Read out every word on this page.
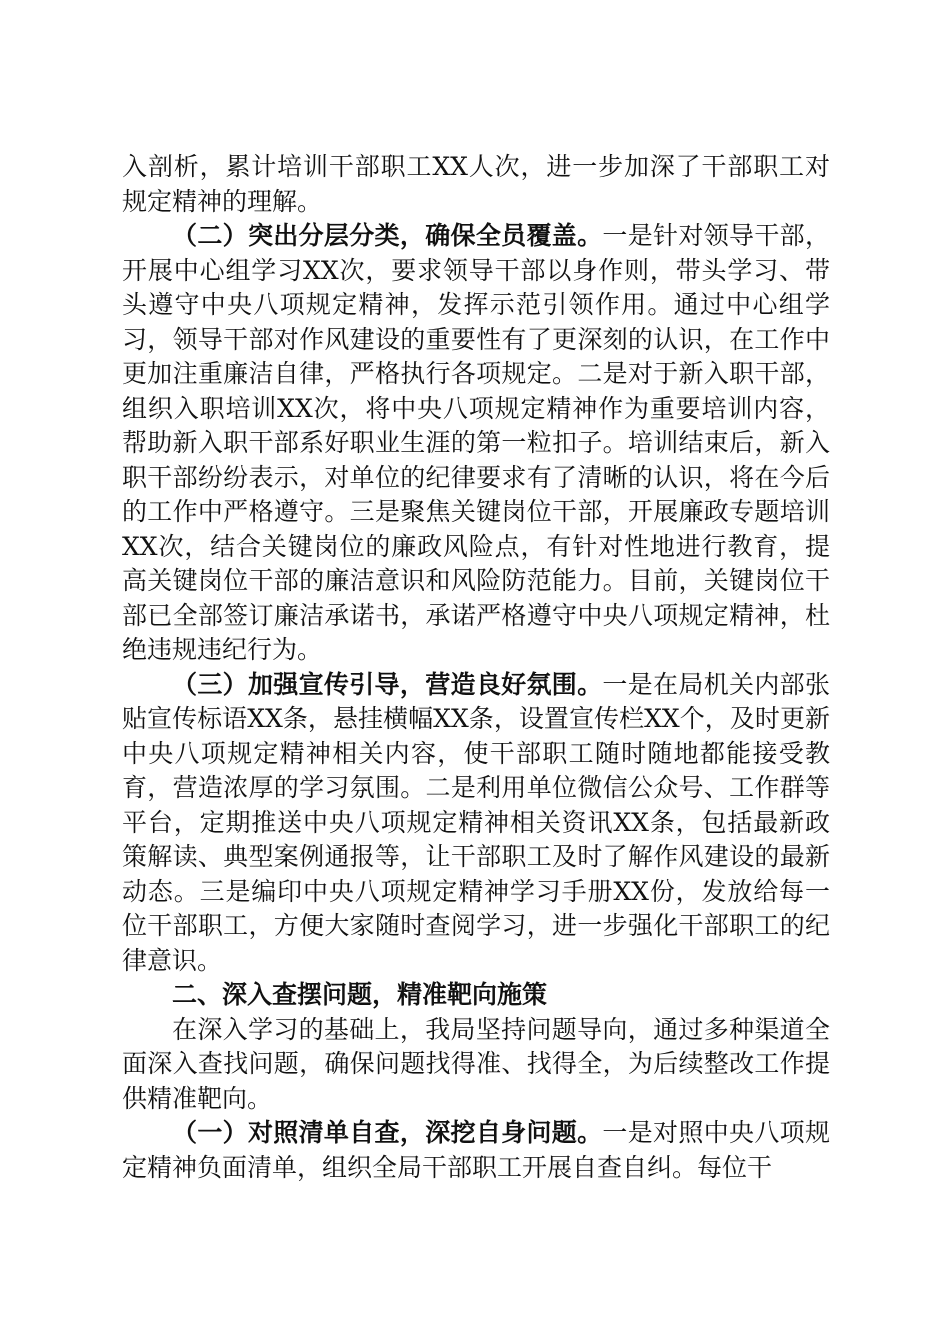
入剖析，累计培训干部职工XX人次，进一步加深了干部职工对规定精神的理解。

（二）突出分层分类，确保全员覆盖。一是针对领导干部，开展中心组学习XX次，要求领导干部以身作则，带头学习、带头遵守中央八项规定精神，发挥示范引领作用。通过中心组学习，领导干部对作风建设的重要性有了更深刻的认识，在工作中更加注重廉洁自律，严格执行各项规定。二是对于新入职干部，组织入职培训XX次，将中央八项规定精神作为重要培训内容，帮助新入职干部系好职业生涯的第一粒扣子。培训结束后，新入职干部纷纷表示，对单位的纪律要求有了清晰的认识，将在今后的工作中严格遵守。三是聚焦关键岗位干部，开展廉政专题培训XX次，结合关键岗位的廉政风险点，有针对性地进行教育，提高关键岗位干部的廉洁意识和风险防范能力。目前，关键岗位干部已全部签订廉洁承诺书，承诺严格遵守中央八项规定精神，杜绝违规违纪行为。

（三）加强宣传引导，营造良好氛围。一是在局机关内部张贴宣传标语XX条，悬挂横幅XX条，设置宣传栏XX个，及时更新中央八项规定精神相关内容，使干部职工随时随地都能接受教育，营造浓厚的学习氛围。二是利用单位微信公众号、工作群等平台，定期推送中央八项规定精神相关资讯XX条，包括最新政策解读、典型案例通报等，让干部职工及时了解作风建设的最新动态。三是编印中央八项规定精神学习手册XX份，发放给每一位干部职工，方便大家随时查阅学习，进一步强化干部职工的纪律意识。

二、深入查摆问题，精准靶向施策

在深入学习的基础上，我局坚持问题导向，通过多种渠道全面深入查找问题，确保问题找得准、找得全，为后续整改工作提供精准靶向。

（一）对照清单自查，深挖自身问题。一是对照中央八项规定精神负面清单，组织全局干部职工开展自查自纠。每位干
